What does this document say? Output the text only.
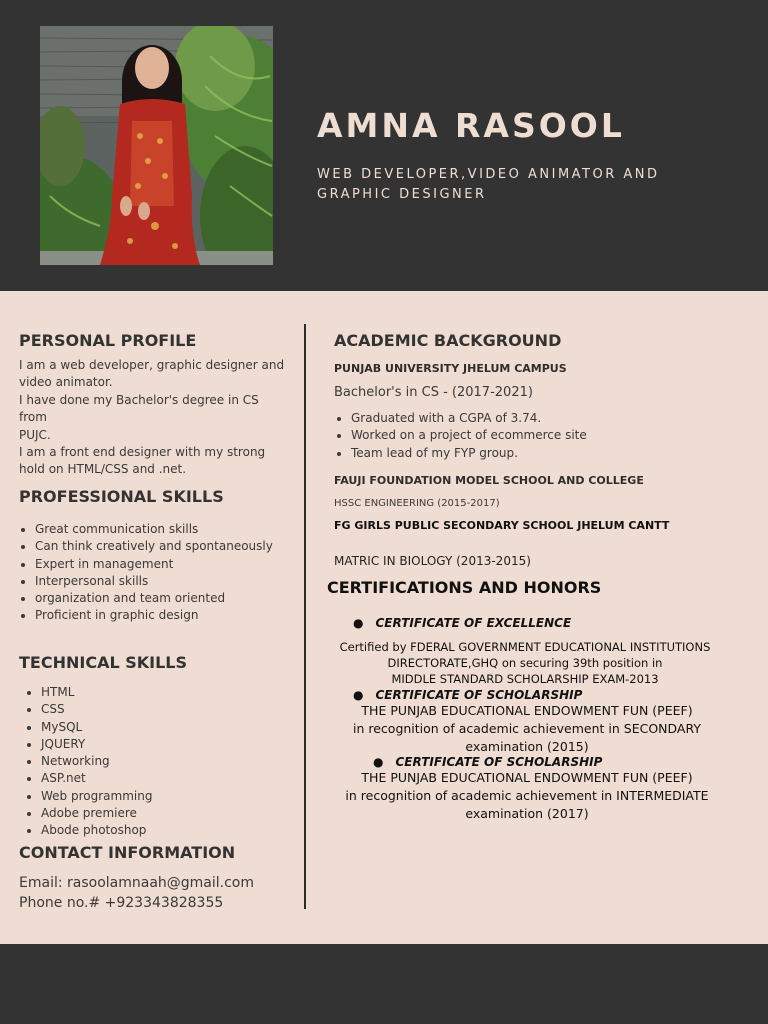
AMNA RASOOL

WEB DEVELOPER,VIDEO ANIMATOR AND
GRAPHIC DESIGNER

PERSONAL PROFILE

I am a web developer, graphic designer and
video animator.
I have done my Bachelor's degree in CS from
PUJC.
I am a front end designer with my strong
hold on HTML/CSS and .net.

PROFESSIONAL SKILLS
• Great communication skills
• Can think creatively and spontaneously
• Expert in management
• Interpersonal skills
• organization and team oriented
• Proficient in graphic design
TECHNICAL SKILLS
• HTML
• CSS
• MySQL
• JQUERY
• Networking
• ASP.net
• Web programming
• Adobe premiere
• Abode photoshop
CONTACT INFORMATION

Email: rasoolamnaah@gmail.com

Phone no.# +923343828355

ACADEMIC BACKGROUND

PUNJAB UNIVERSITY JHELUM CAMPUS

Bachelor's in CS - (2017-2021)

• Graduated with a CGPA of 3.74.
• Worked on a project of ecommerce site
• Team lead of my FYP group.

FAUJI FOUNDATION MODEL SCHOOL AND COLLEGE

HSSC ENGINEERING (2015-2017)

FG GIRLS PUBLIC SECONDARY SCHOOL JHELUM CANTT

MATRIC IN BIOLOGY (2013-2015)

CERTIFICATIONS AND HONORS

● CERTIFICATE OF EXCELLENCE

Certified by FDERAL GOVERNMENT EDUCATIONAL INSTITUTIONS
DIRECTORATE,GHQ on securing 39th position in
MIDDLE STANDARD SCHOLARSHIP EXAM-2013

● CERTIFICATE OF SCHOLARSHIP

THE PUNJAB EDUCATIONAL ENDOWMENT FUN (PEEF)
in recognition of academic achievement in SECONDARY
examination (2015)

● CERTIFICATE OF SCHOLARSHIP

THE PUNJAB EDUCATIONAL ENDOWMENT FUN (PEEF)
in recognition of academic achievement in INTERMEDIATE
examination (2017)
